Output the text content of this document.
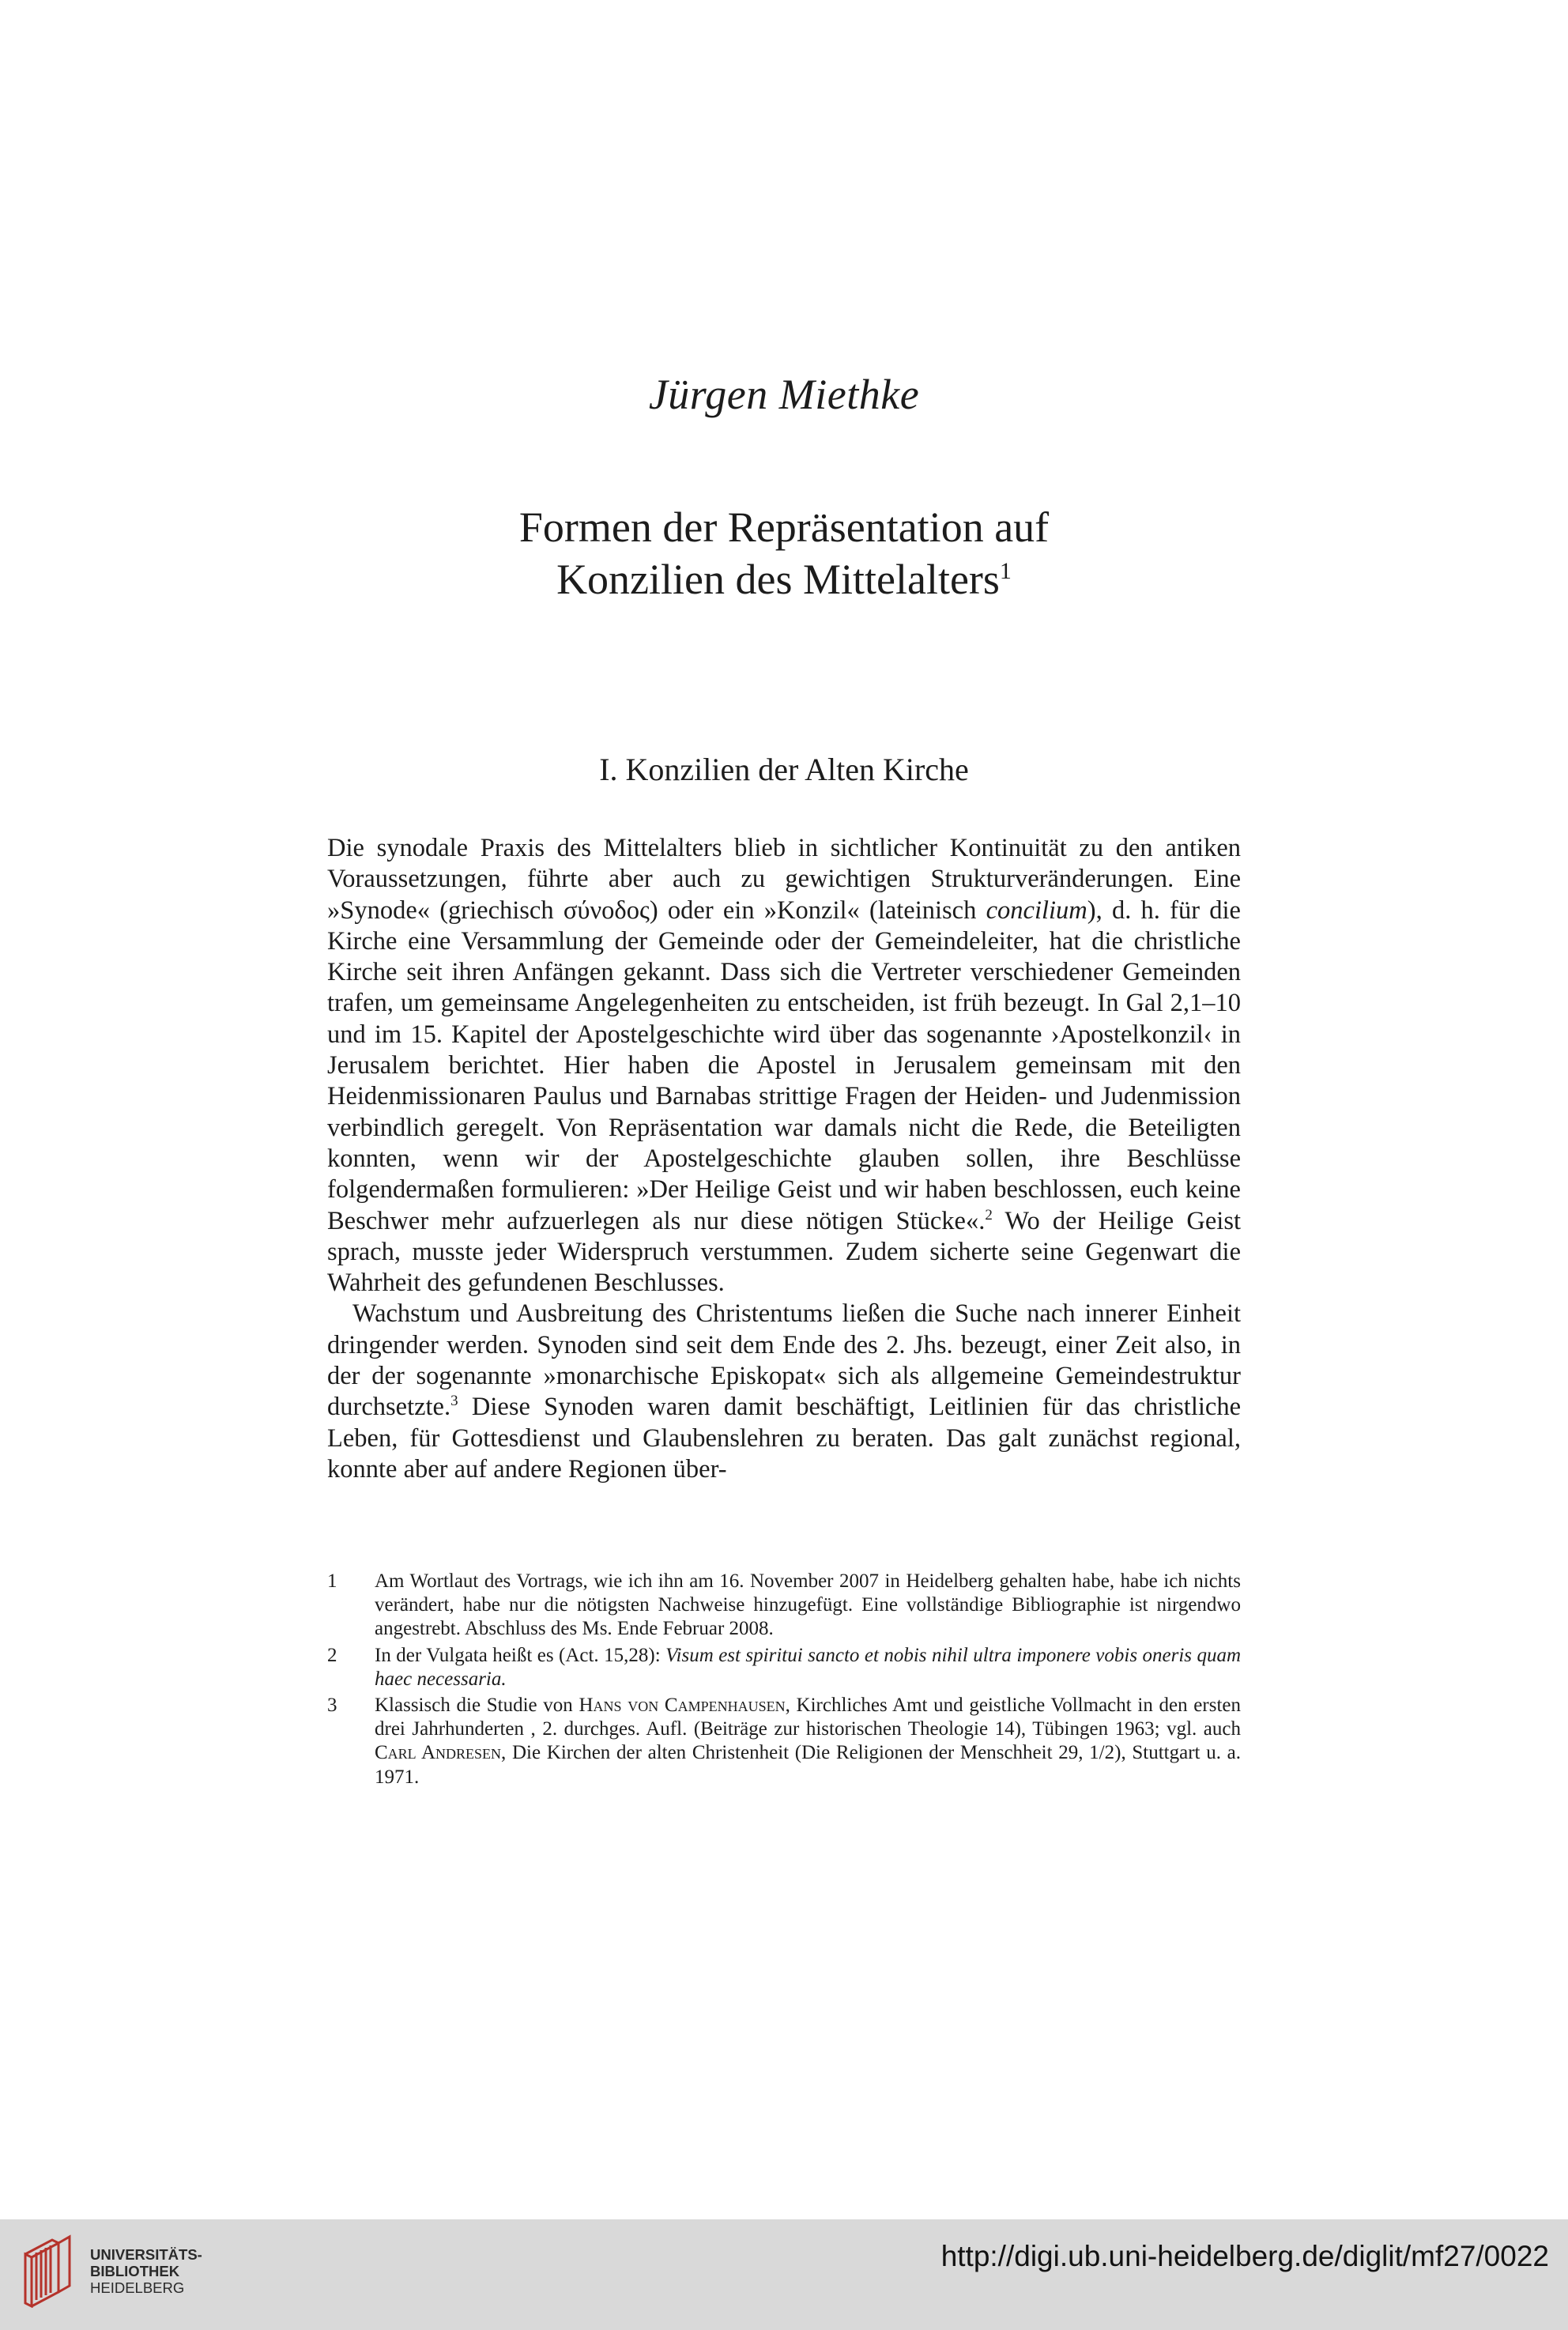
Jürgen Miethke
Formen der Repräsentation auf
Konzilien des Mittelalters$^1$
I. Konzilien der Alten Kirche

Die synodale Praxis des Mittelalters blieb in sichtlicher Kontinuität zu den antiken Voraussetzungen, führte aber auch zu gewichtigen Strukturveränderungen. Eine »Synode« (griechisch σύνοδος) oder ein »Konzil« (lateinisch concilium), d. h. für die Kirche eine Versammlung der Gemeinde oder der Gemeindeleiter, hat die christliche Kirche seit ihren Anfängen gekannt. Dass sich die Vertreter verschiedener Gemeinden trafen, um gemeinsame Angelegenheiten zu entscheiden, ist früh bezeugt. In Gal 2,1–10 und im 15. Kapitel der Apostelgeschichte wird über das sogenannte ›Apostelkonzil‹ in Jerusalem berichtet. Hier haben die Apostel in Jerusalem gemeinsam mit den Heidenmissionaren Paulus und Barnabas strittige Fragen der Heiden- und Judenmission verbindlich geregelt. Von Repräsentation war damals nicht die Rede, die Beteiligten konnten, wenn wir der Apostelgeschichte glauben sollen, ihre Beschlüsse folgendermaßen formulieren: »Der Heilige Geist und wir haben beschlossen, euch keine Beschwer mehr aufzuerlegen als nur diese nötigen Stücke«.$^2$ Wo der Heilige Geist sprach, musste jeder Widerspruch verstummen. Zudem sicherte seine Gegenwart die Wahrheit des gefundenen Beschlusses.

Wachstum und Ausbreitung des Christentums ließen die Suche nach innerer Einheit dringender werden. Synoden sind seit dem Ende des 2. Jhs. bezeugt, einer Zeit also, in der der sogenannte »monarchische Episkopat« sich als allgemeine Gemeindestruktur durchsetzte.$^3$ Diese Synoden waren damit beschäftigt, Leitlinien für das christliche Leben, für Gottesdienst und Glaubenslehren zu beraten. Das galt zunächst regional, konnte aber auf andere Regionen über-

1 Am Wortlaut des Vortrags, wie ich ihn am 16. November 2007 in Heidelberg gehalten habe, habe ich nichts verändert, habe nur die nötigsten Nachweise hinzugefügt. Eine vollständige Bibliographie ist nirgendwo angestrebt. Abschluss des Ms. Ende Februar 2008.
2 In der Vulgata heißt es (Act. 15,28): Visum est spiritui sancto et nobis nihil ultra imponere vobis oneris quam haec necessaria.
3 Klassisch die Studie von Hans von Campenhausen, Kirchliches Amt und geistliche Vollmacht in den ersten drei Jahrhunderten , 2. durchges. Aufl. (Beiträge zur historischen Theologie 14), Tübingen 1963; vgl. auch Carl Andresen, Die Kirchen der alten Christenheit (Die Religionen der Menschheit 29, 1/2), Stuttgart u. a. 1971.
UNIVERSITÄTS-
BIBLIOTHEK
HEIDELBERG
http://digi.ub.uni-heidelberg.de/diglit/mf27/0022
